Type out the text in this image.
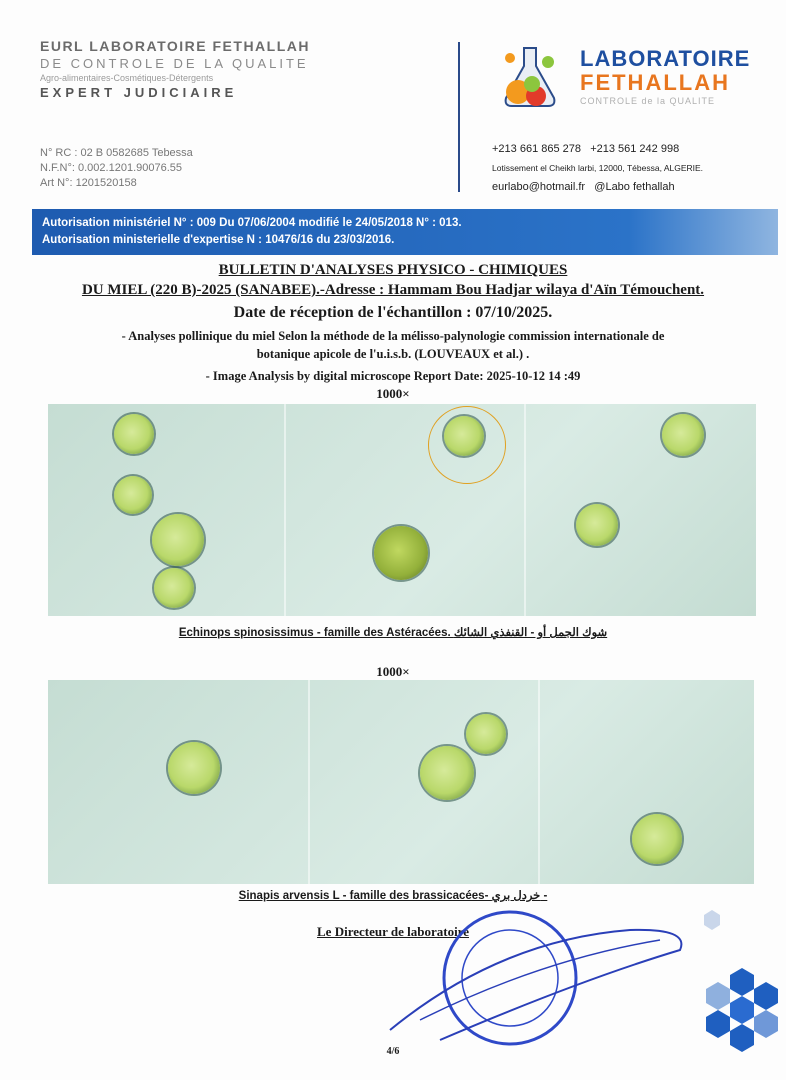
EURL LABORATOIRE FETHALLAH
DE CONTROLE DE LA QUALITE
Agro-alimentaires-Cosmétiques-Détergents
EXPERT JUDICIAIRE
N° RC : 02 B 0582685 Tebessa
N.F.N°: 0.002.1201.90076.55
Art N°: 1201520158
LABORATOIRE
FETHALLAH
CONTROLE de la QUALITE
+213 661 865 278 +213 561 242 998
Lotissement el Cheikh larbi, 12000, Tébessa, ALGERIE.
eurlabo@hotmail.fr @Labo fethallah
Autorisation ministériel N° : 009 Du 07/06/2004 modifié le 24/05/2018 N° : 013.
Autorisation ministerielle d'expertise N : 10476/16 du 23/03/2016.
BULLETIN D'ANALYSES PHYSICO - CHIMIQUES
DU MIEL (220 B)-2025 (SANABEE).-Adresse : Hammam Bou Hadjar wilaya d'Aïn Témouchent.
Date de réception de l'échantillon : 07/10/2025.
- Analyses pollinique du miel Selon la méthode de la mélisso-palynologie commission internationale de
botanique apicole de l'u.i.s.b. (LOUVEAUX et al.) .
- Image Analysis by digital microscope Report Date: 2025-10-12 14 :49
1000×
Echinops spinosissimus - famille des Astéracées. شوك الجمل أو - القنفذي الشائك
1000×
Sinapis arvensis L - famille des brassicacées- خردل بري -
Le Directeur de laboratoire
4/6
